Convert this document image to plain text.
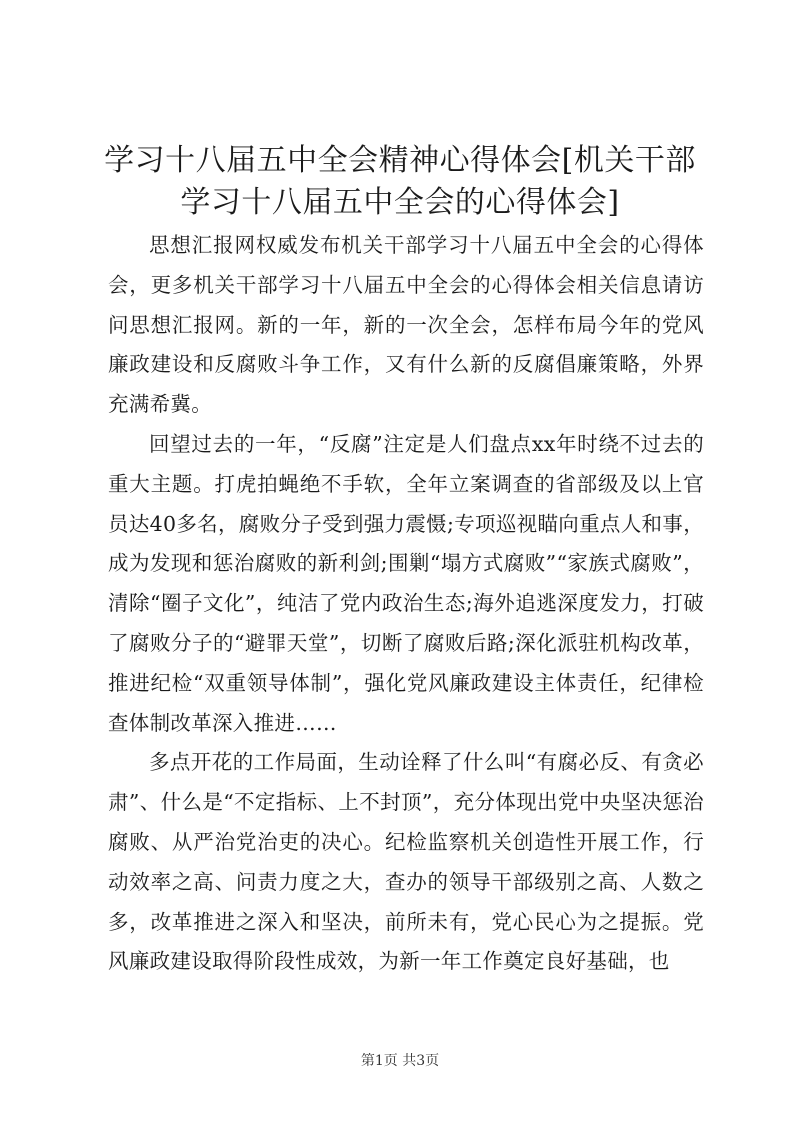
学习十八届五中全会精神心得体会[机关干部学习十八届五中全会的心得体会]

思想汇报网权威发布机关干部学习十八届五中全会的心得体会，更多机关干部学习十八届五中全会的心得体会相关信息请访问思想汇报网。新的一年，新的一次全会，怎样布局今年的党风廉政建设和反腐败斗争工作，又有什么新的反腐倡廉策略，外界充满希冀。

回望过去的一年，“反腐”注定是人们盘点xx年时绕不过去的重大主题。打虎拍蝇绝不手软，全年立案调查的省部级及以上官员达40多名，腐败分子受到强力震慑;专项巡视瞄向重点人和事，成为发现和惩治腐败的新利剑;围剿“塌方式腐败”“家族式腐败”，清除“圈子文化”，纯洁了党内政治生态;海外追逃深度发力，打破了腐败分子的“避罪天堂”，切断了腐败后路;深化派驻机构改革，推进纪检“双重领导体制”，强化党风廉政建设主体责任，纪律检查体制改革深入推进……

多点开花的工作局面，生动诠释了什么叫“有腐必反、有贪必肃”、什么是“不定指标、上不封顶”，充分体现出党中央坚决惩治腐败、从严治党治吏的决心。纪检监察机关创造性开展工作，行动效率之高、问责力度之大，查办的领导干部级别之高、人数之多，改革推进之深入和坚决，前所未有，党心民心为之提振。党风廉政建设取得阶段性成效，为新一年工作奠定良好基础，也

第1页 共3页
